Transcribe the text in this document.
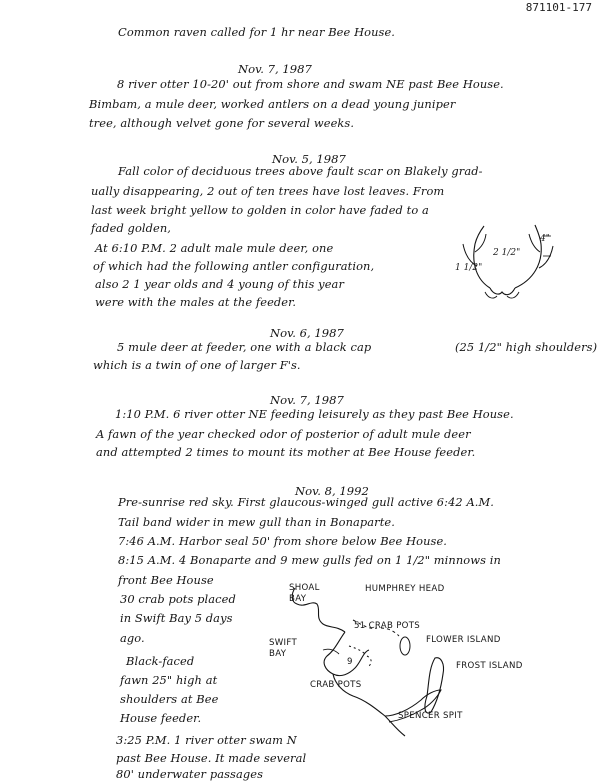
871101-177
Common raven called for 1 hr near Bee House.
Nov. 7, 1987
8 river otter 10-20' out from shore and swam NE past Bee House.
Bimbam, a mule deer, worked antlers on a dead young juniper
tree, although velvet gone for several weeks.
Nov. 5, 1987
Fall color of deciduous trees above fault scar on Blakely grad-
ually disappearing, 2 out of ten trees have lost leaves. From
last week bright yellow to golden in color have faded to a
faded golden,
At 6:10 P.M. 2 adult male mule deer, one
of which had the following antler configuration,
also 2 1 year olds and 4 young of this year
were with the males at the feeder.
4"
2 1/2"
1 1/2"
Nov. 6, 1987
5 mule deer at feeder, one with a black cap	(25 1/2" high shoulders)
which is a twin of one of larger F's.
Nov. 7, 1987
1:10 P.M. 6 river otter NE feeding leisurely as they past Bee House.
A fawn of the year checked odor of posterior of adult mule deer
and attempted 2 times to mount its mother at Bee House feeder.
Nov. 8, 1992
Pre-sunrise red sky. First glaucous-winged gull active 6:42 A.M.
Tail band wider in mew gull than in Bonaparte.
7:46 A.M. Harbor seal 50' from shore below Bee House.
8:15 A.M. 4 Bonaparte and 9 mew gulls fed on 1 1/2" minnows in
front Bee House
30 crab pots placed
in Swift Bay 5 days
ago.
Black-faced
fawn 25" high at
shoulders at Bee
House feeder.
3:25 P.M. 1 river otter swam N
past Bee House. It made several
80' underwater passages
SHOAL BAY
HUMPHREY HEAD
51 CRAB POTS
FLOWER ISLAND
SWIFT BAY
9	FROST ISLAND
CRAB POTS
SPENCER SPIT
